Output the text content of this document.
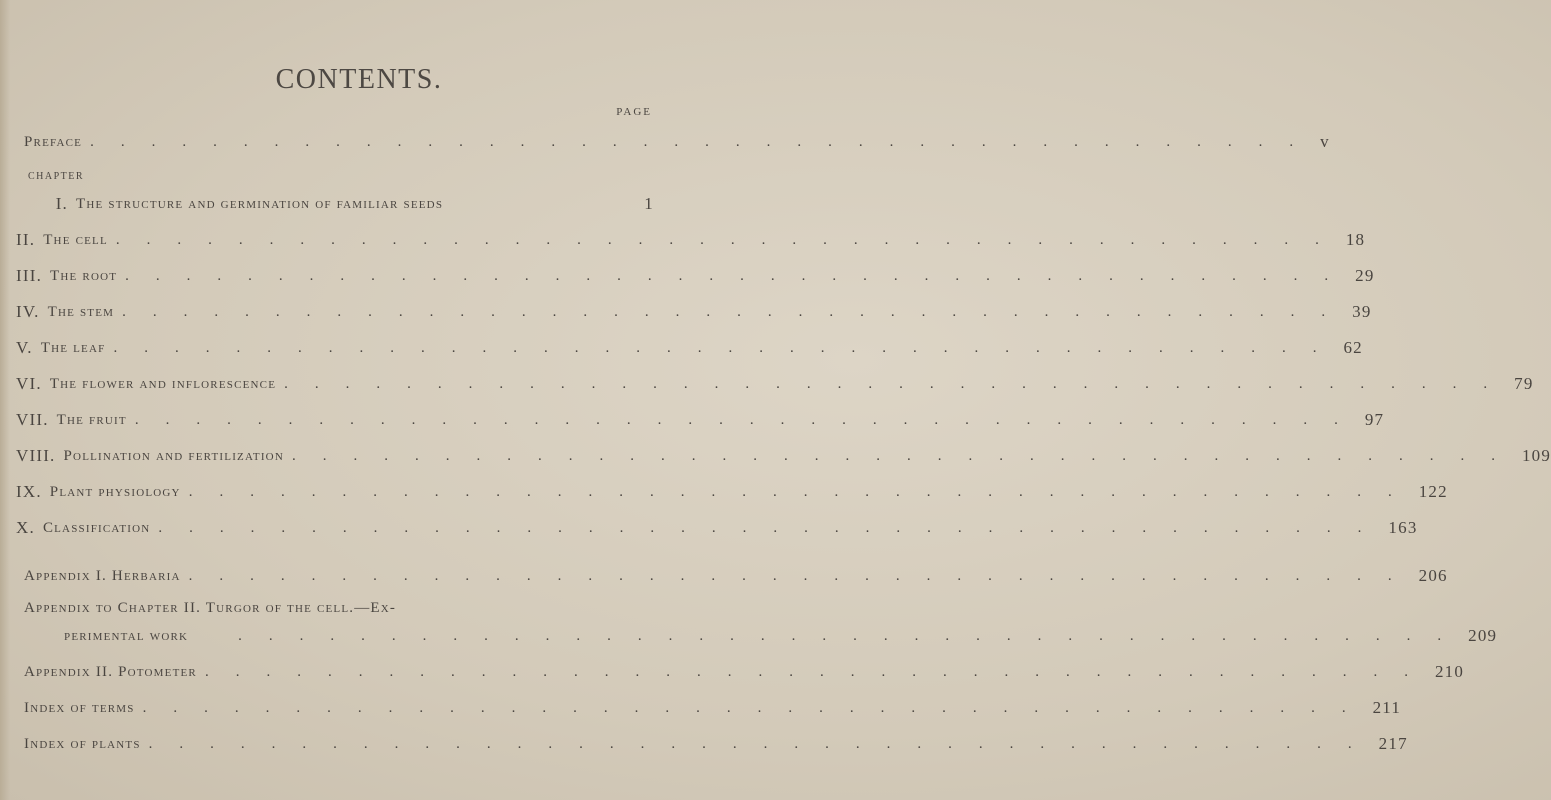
CONTENTS.
PAGE
Preface ........................................ v
CHAPTER
I. The structure and germination of familiar seeds	1
II. The cell ........................................ 18
III. The root ........................................ 29
IV. The stem ........................................ 39
V. The leaf ........................................ 62
VI. The flower and inflorescence ........................................ 79
VII. The fruit ........................................ 97
VIII. Pollination and fertilization ........................................ 109
IX. Plant physiology ........................................ 122
X. Classification ........................................ 163
Appendix I. Herbaria ........................................ 206
Appendix to Chapter II. Turgor of the cell.—Ex-
perimental work	........................................ 209
Appendix II. Potometer ........................................ 210
Index of terms ........................................ 211
Index of plants ........................................ 217
